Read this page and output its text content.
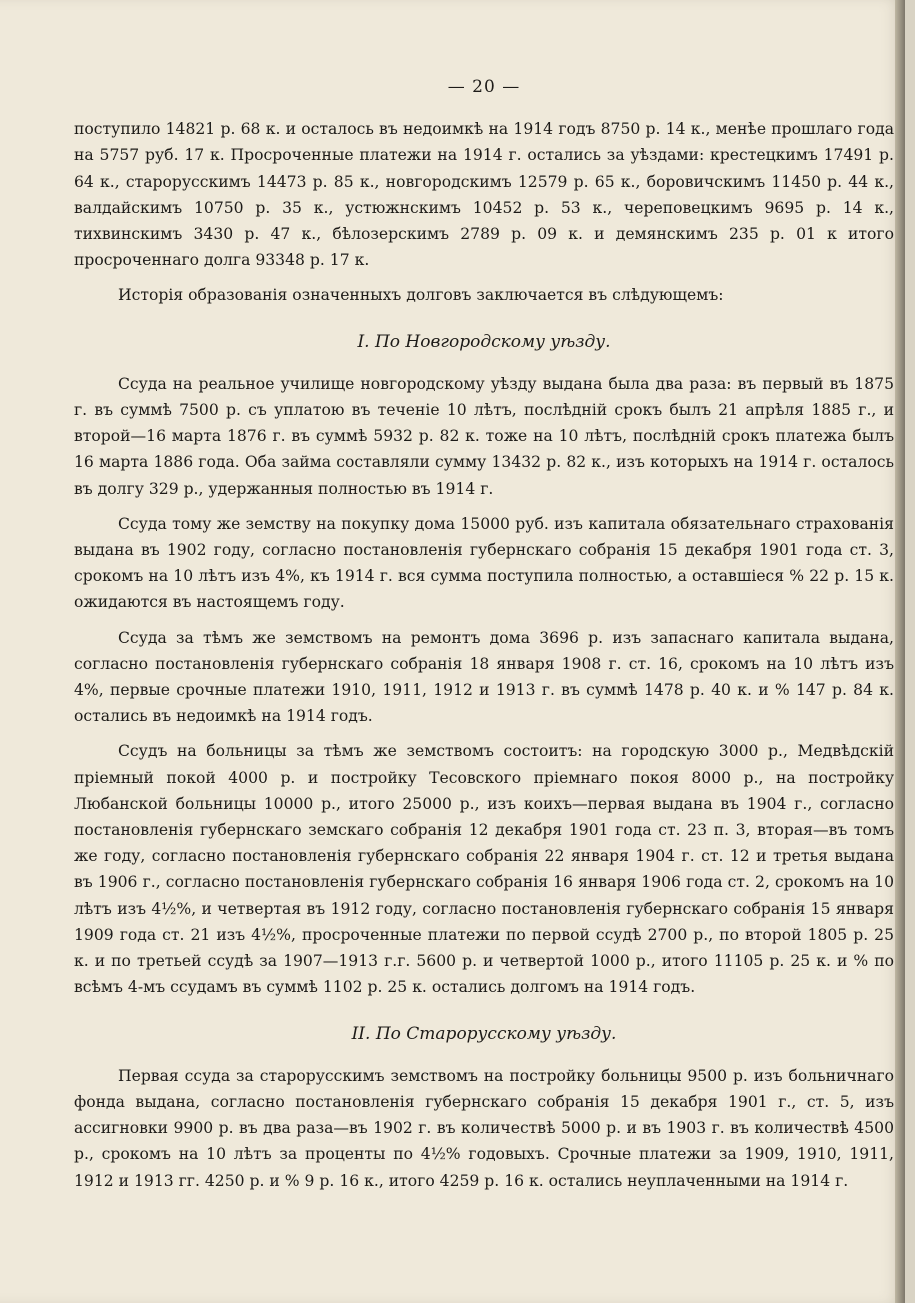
— 20 —

поступило 14821 р. 68 к. и осталось въ недоимкѣ на 1914 годъ 8750 р. 14 к., менѣе прошлаго года на 5757 руб. 17 к. Просроченные платежи на 1914 г. остались за уѣздами: крестецкимъ 17491 р. 64 к., старорусскимъ 14473 р. 85 к., новгородскимъ 12579 р. 65 к., боровичскимъ 11450 р. 44 к., валдайскимъ 10750 р. 35 к., устюжнскимъ 10452 р. 53 к., череповецкимъ 9695 р. 14 к., тихвинскимъ 3430 р. 47 к., бѣлозерскимъ 2789 р. 09 к. и демянскимъ 235 р. 01 к итого просроченнаго долга 93348 р. 17 к.

Исторія образованія означенныхъ долговъ заключается въ слѣдующемъ:

I. По Новгородскому уѣзду.

Ссуда на реальное училище новгородскому уѣзду выдана была два раза: въ первый въ 1875 г. въ суммѣ 7500 р. съ уплатою въ теченіе 10 лѣтъ, послѣдній срокъ былъ 21 апрѣля 1885 г., и второй—16 марта 1876 г. въ суммѣ 5932 р. 82 к. тоже на 10 лѣтъ, послѣдній срокъ платежа былъ 16 марта 1886 года. Оба займа составляли сумму 13432 р. 82 к., изъ которыхъ на 1914 г. осталось въ долгу 329 р., удержанныя полностью въ 1914 г.

Ссуда тому же земству на покупку дома 15000 руб. изъ капитала обязательнаго страхованія выдана въ 1902 году, согласно постановленія губернскаго собранія 15 декабря 1901 года ст. 3, срокомъ на 10 лѣтъ изъ 4%, къ 1914 г. вся сумма поступила полностью, а оставшіеся % 22 р. 15 к. ожидаются въ настоящемъ году.

Ссуда за тѣмъ же земствомъ на ремонтъ дома 3696 р. изъ запаснаго капитала выдана, согласно постановленія губернскаго собранія 18 января 1908 г. ст. 16, срокомъ на 10 лѣтъ изъ 4%, первые срочные платежи 1910, 1911, 1912 и 1913 г. въ суммѣ 1478 р. 40 к. и % 147 р. 84 к. остались въ недоимкѣ на 1914 годъ.

Ссудъ на больницы за тѣмъ же земствомъ состоитъ: на городскую 3000 р., Медвѣдскій пріемный покой 4000 р. и постройку Тесовского пріемнаго покоя 8000 р., на постройку Любанской больницы 10000 р., итого 25000 р., изъ коихъ—первая выдана въ 1904 г., согласно постановленія губернскаго земскаго собранія 12 декабря 1901 года ст. 23 п. 3, вторая—въ томъ же году, согласно постановленія губернскаго собранія 22 января 1904 г. ст. 12 и третья выдана въ 1906 г., согласно постановленія губернскаго собранія 16 января 1906 года ст. 2, срокомъ на 10 лѣтъ изъ 4½%, и четвертая въ 1912 году, согласно постановленія губернскаго собранія 15 января 1909 года ст. 21 изъ 4½%, просроченные платежи по первой ссудѣ 2700 р., по второй 1805 р. 25 к. и по третьей ссудѣ за 1907—1913 г.г. 5600 р. и четвертой 1000 р., итого 11105 р. 25 к. и % по всѣмъ 4-мъ ссудамъ въ суммѣ 1102 р. 25 к. остались долгомъ на 1914 годъ.

II. По Старорусскому уѣзду.

Первая ссуда за старорусскимъ земствомъ на постройку больницы 9500 р. изъ больничнаго фонда выдана, согласно постановленія губернскаго собранія 15 декабря 1901 г., ст. 5, изъ ассигновки 9900 р. въ два раза—въ 1902 г. въ количествѣ 5000 р. и въ 1903 г. въ количествѣ 4500 р., срокомъ на 10 лѣтъ за проценты по 4½% годовыхъ. Срочные платежи за 1909, 1910, 1911, 1912 и 1913 гг. 4250 р. и % 9 р. 16 к., итого 4259 р. 16 к. остались неуплаченными на 1914 г.
